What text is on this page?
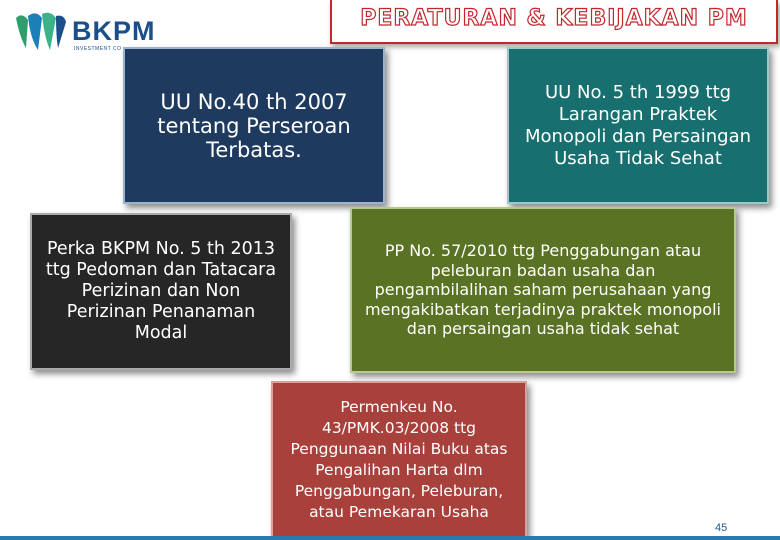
BKPM
INVESTMENT CO
PERATURAN & KEBIJAKAN PM
UU No.40 th 2007 tentang Perseroan Terbatas.
UU No. 5 th 1999 ttg Larangan Praktek Monopoli dan Persaingan Usaha Tidak Sehat
Perka BKPM No. 5 th 2013 ttg Pedoman dan Tatacara Perizinan dan Non Perizinan Penanaman Modal
PP No. 57/2010 ttg Penggabungan atau peleburan badan usaha dan pengambilalihan saham perusahaan yang mengakibatkan terjadinya praktek monopoli dan persaingan usaha tidak sehat
Permenkeu No. 43/PMK.03/2008 ttg Penggunaan Nilai Buku atas Pengalihan Harta dlm Penggabungan, Peleburan, atau Pemekaran Usaha
45
